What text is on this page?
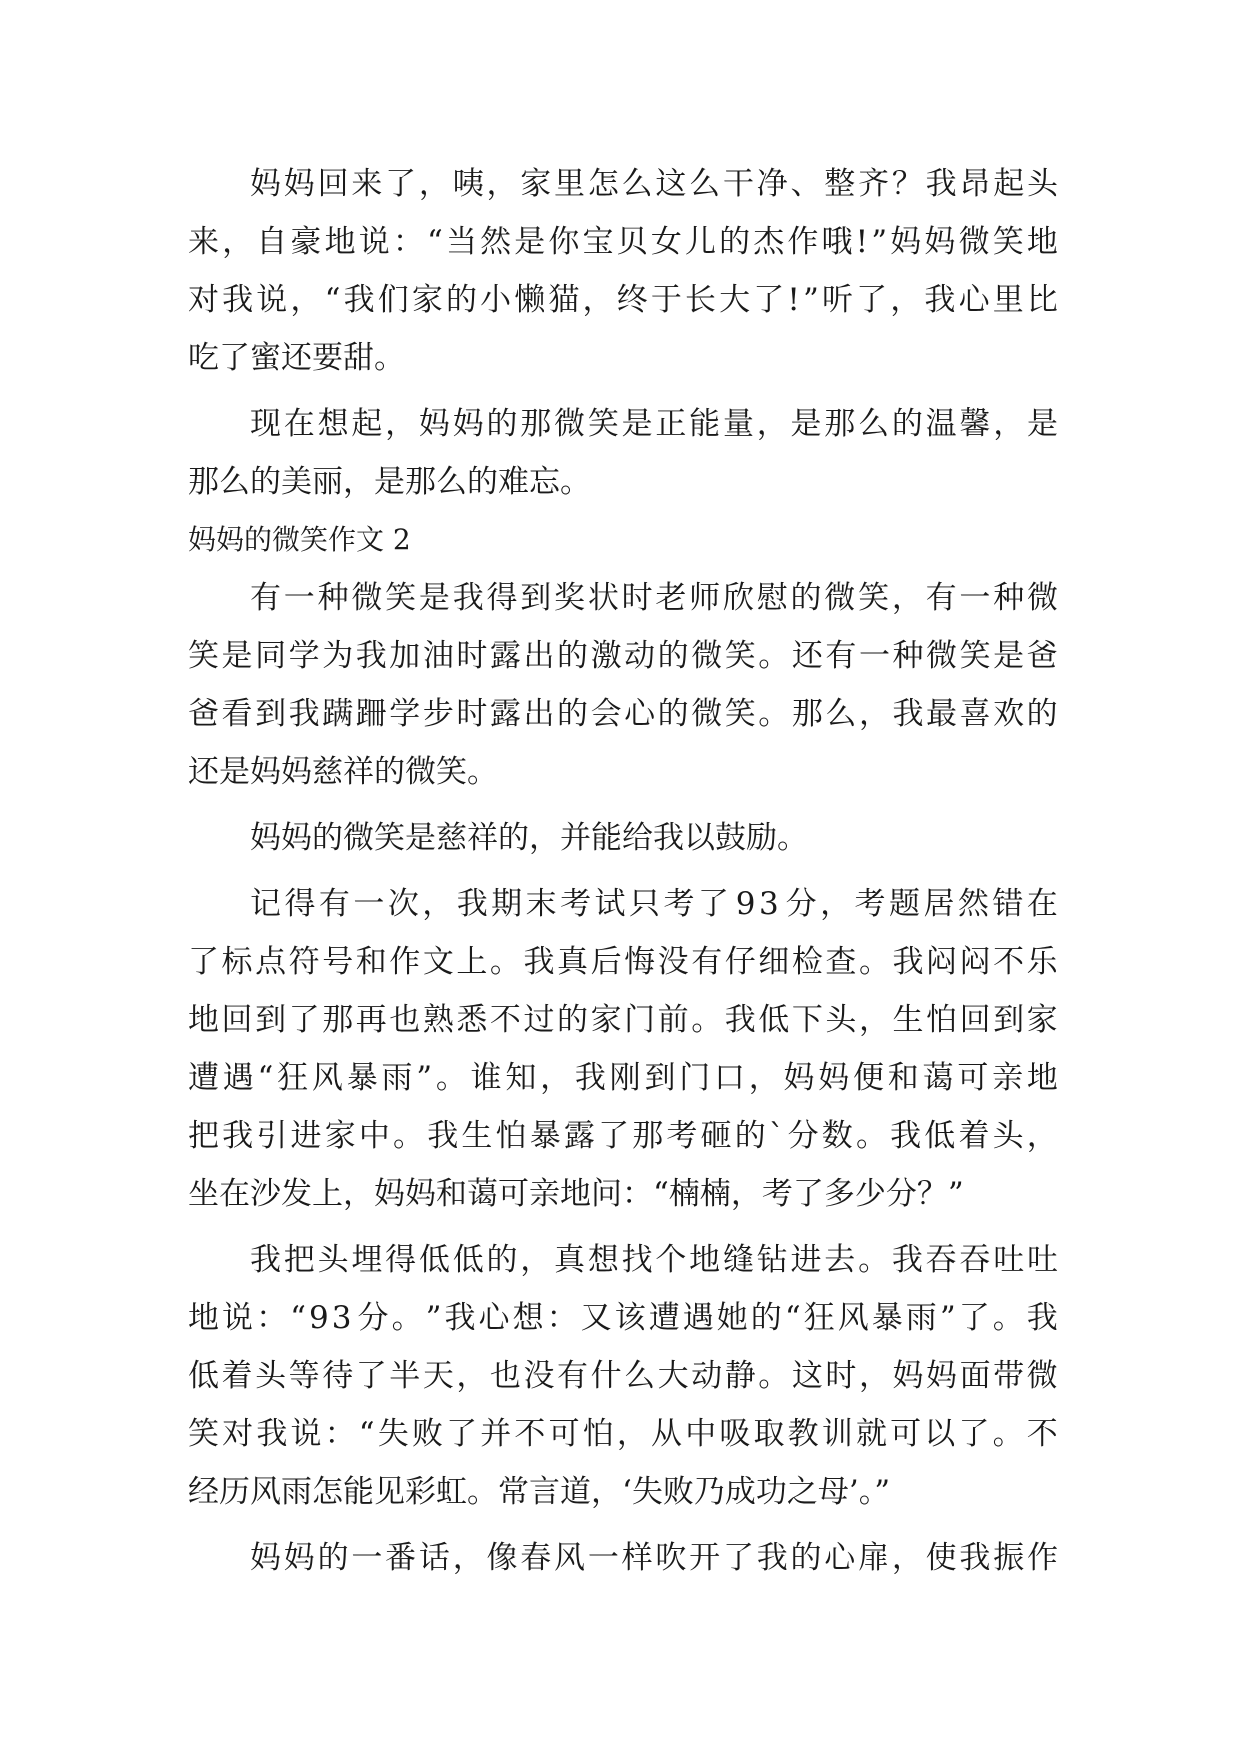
妈 妈 回 来 了 ， 咦 ， 家 里 怎 么 这 么 干 净 、 整 齐 ？ 我 昂 起 头
来 ， 自 豪 地 说 ： “ 当 然 是 你 宝 贝 女 儿 的 杰 作 哦 ! ” 妈 妈 微 笑 地
对 我 说 ， “ 我 们 家 的 小 懒 猫 ， 终 于 长 大 了 ! ” 听 了 ， 我 心 里 比
吃了蜜还要甜。
现 在 想 起 ， 妈 妈 的 那 微 笑 是 正 能 量 ， 是 那 么 的 温 馨 ， 是
那么的美丽，是那么的难忘。
妈妈的微笑作文 2
有 一 种 微 笑 是 我 得 到 奖 状 时 老 师 欣 慰 的 微 笑 ， 有 一 种 微
笑 是 同 学 为 我 加 油 时 露 出 的 激 动 的 微 笑 。 还 有 一 种 微 笑 是 爸
爸 看 到 我 蹒 跚 学 步 时 露 出 的 会 心 的 微 笑 。 那 么 ， 我 最 喜 欢 的
还是妈妈慈祥的微笑。
妈妈的微笑是慈祥的，并能给我以鼓励。
记 得 有 一 次 ， 我 期 末 考 试 只 考 了 9 3 分 ， 考 题 居 然 错 在
了 标 点 符 号 和 作 文 上 。 我 真 后 悔 没 有 仔 细 检 查 。 我 闷 闷 不 乐
地 回 到 了 那 再 也 熟 悉 不 过 的 家 门 前 。 我 低 下 头 ， 生 怕 回 到 家
遭 遇 “ 狂 风 暴 雨 ” 。 谁 知 ， 我 刚 到 门 口 ， 妈 妈 便 和 蔼 可 亲 地
把 我 引 进 家 中 。 我 生 怕 暴 露 了 那 考 砸 的 ` 分 数 。 我 低 着 头 ，
坐在沙发上，妈妈和蔼可亲地问：“楠楠，考了多少分？”
我 把 头 埋 得 低 低 的 ， 真 想 找 个 地 缝 钻 进 去 。 我 吞 吞 吐 吐
地 说 ： “ 9 3 分 。 ” 我 心 想 ： 又 该 遭 遇 她 的 “ 狂 风 暴 雨 ” 了 。 我
低 着 头 等 待 了 半 天 ， 也 没 有 什 么 大 动 静 。 这 时 ， 妈 妈 面 带 微
笑 对 我 说 ： “ 失 败 了 并 不 可 怕 ， 从 中 吸 取 教 训 就 可 以 了 。 不
经历风雨怎能见彩虹。常言道，‘失败乃成功之母’。”
妈 妈 的 一 番 话 ， 像 春 风 一 样 吹 开 了 我 的 心 扉 ， 使 我 振 作
